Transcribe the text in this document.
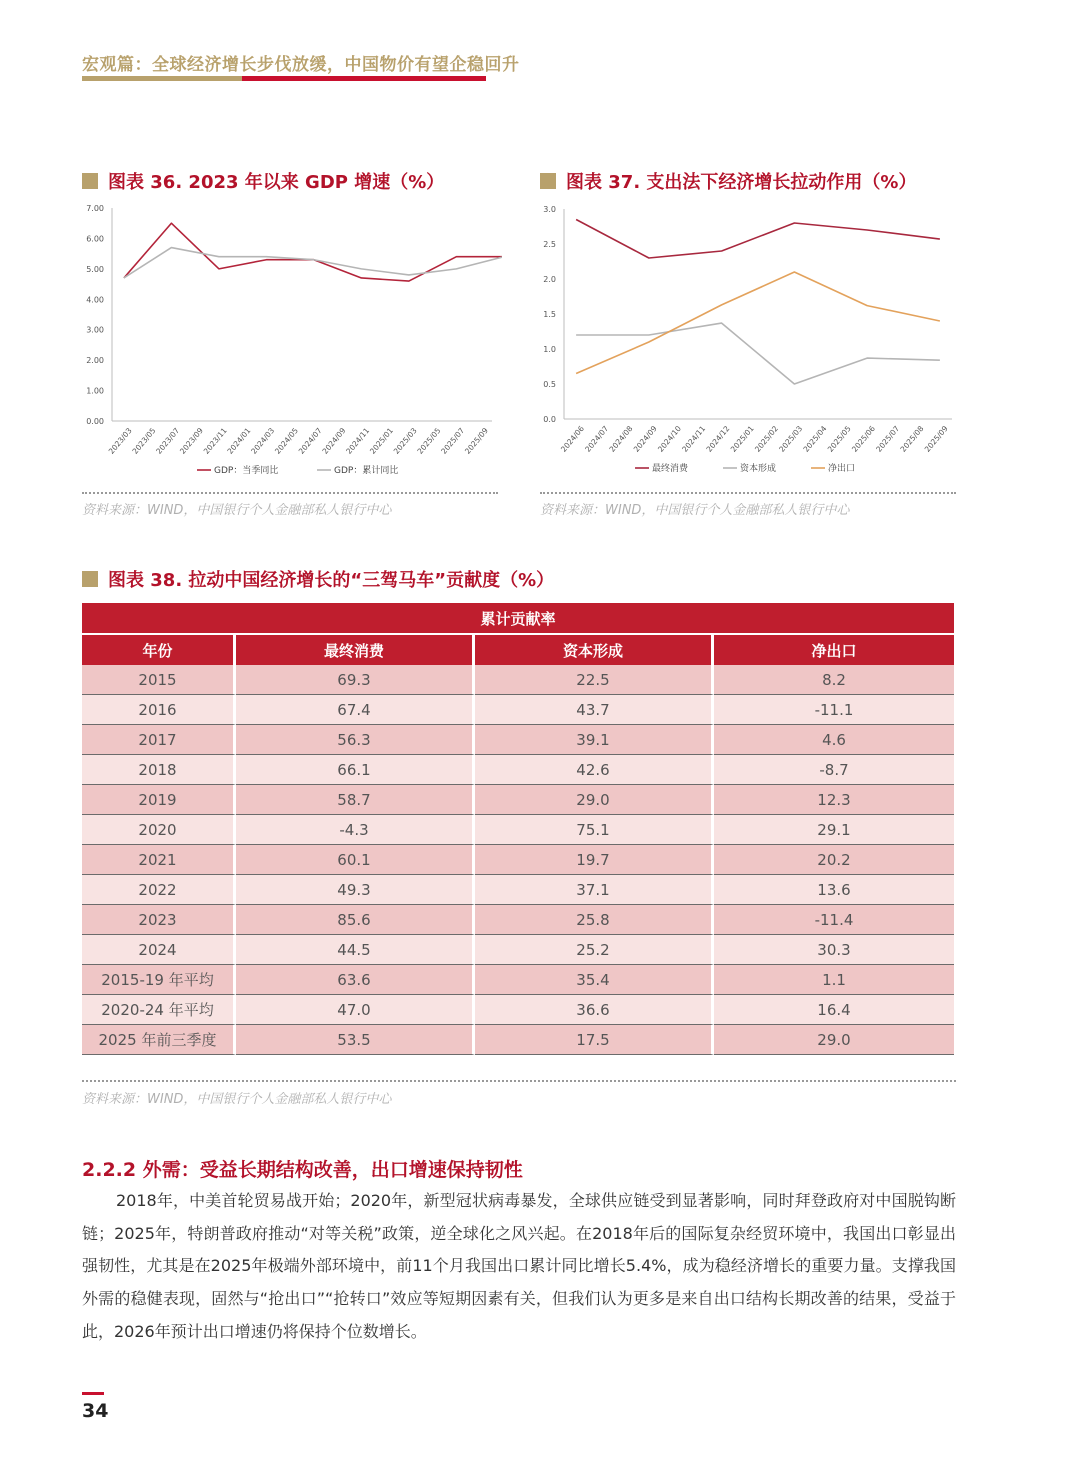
宏观篇：全球经济增长步伐放缓，中国物价有望企稳回升
图表 36. 2023 年以来 GDP 增速（%）
0.00
1.00
2.00
3.00
4.00
5.00
6.00
7.00
2023/03
2023/05
2023/07
2023/09
2023/11
2024/01
2024/03
2024/05
2024/07
2024/09
2024/11
2025/01
2025/03
2025/05
2025/07
2025/09
GDP：当季同比	GDP：累计同比
资料来源：WIND，中国银行个人金融部私人银行中心
图表 37. 支出法下经济增长拉动作用（%）
0.0
0.5
1.0
1.5
2.0
2.5
3.0
2024/06
2024/07
2024/08
2024/09
2024/10
2024/11
2024/12
2025/01
2025/02
2025/03
2025/04
2025/05
2025/06
2025/07
2025/08
2025/09
最终消费	资本形成	净出口
资料来源：WIND，中国银行个人金融部私人银行中心
图表 38. 拉动中国经济增长的“三驾马车”贡献度（%）
累计贡献率			
年份	最终消费	资本形成	净出口
2015	69.3	22.5	8.2
2016	67.4	43.7	-11.1
2017	56.3	39.1	4.6
2018	66.1	42.6	-8.7
2019	58.7	29.0	12.3
2020	-4.3	75.1	29.1
2021	60.1	19.7	20.2
2022	49.3	37.1	13.6
2023	85.6	25.8	-11.4
2024	44.5	25.2	30.3
2015-19 年平均	63.6	35.4	1.1
2020-24 年平均	47.0	36.6	16.4
2025 年前三季度	53.5	17.5	29.0
资料来源：WIND，中国银行个人金融部私人银行中心
2.2.2 外需：受益长期结构改善，出口增速保持韧性
2018年，中美首轮贸易战开始；2020年，新型冠状病毒暴发，全球供应链受到显著影响，同时拜登政府对中国脱钩断链；2025年，特朗普政府推动“对等关税”政策，逆全球化之风兴起。在2018年后的国际复杂经贸环境中，我国出口彰显出强韧性，尤其是在2025年极端外部环境中，前11个月我国出口累计同比增长5.4%，成为稳经济增长的重要力量。支撑我国外需的稳健表现，固然与“抢出口”“抢转口”效应等短期因素有关，但我们认为更多是来自出口结构长期改善的结果，受益于此，2026年预计出口增速仍将保持个位数增长。
34
